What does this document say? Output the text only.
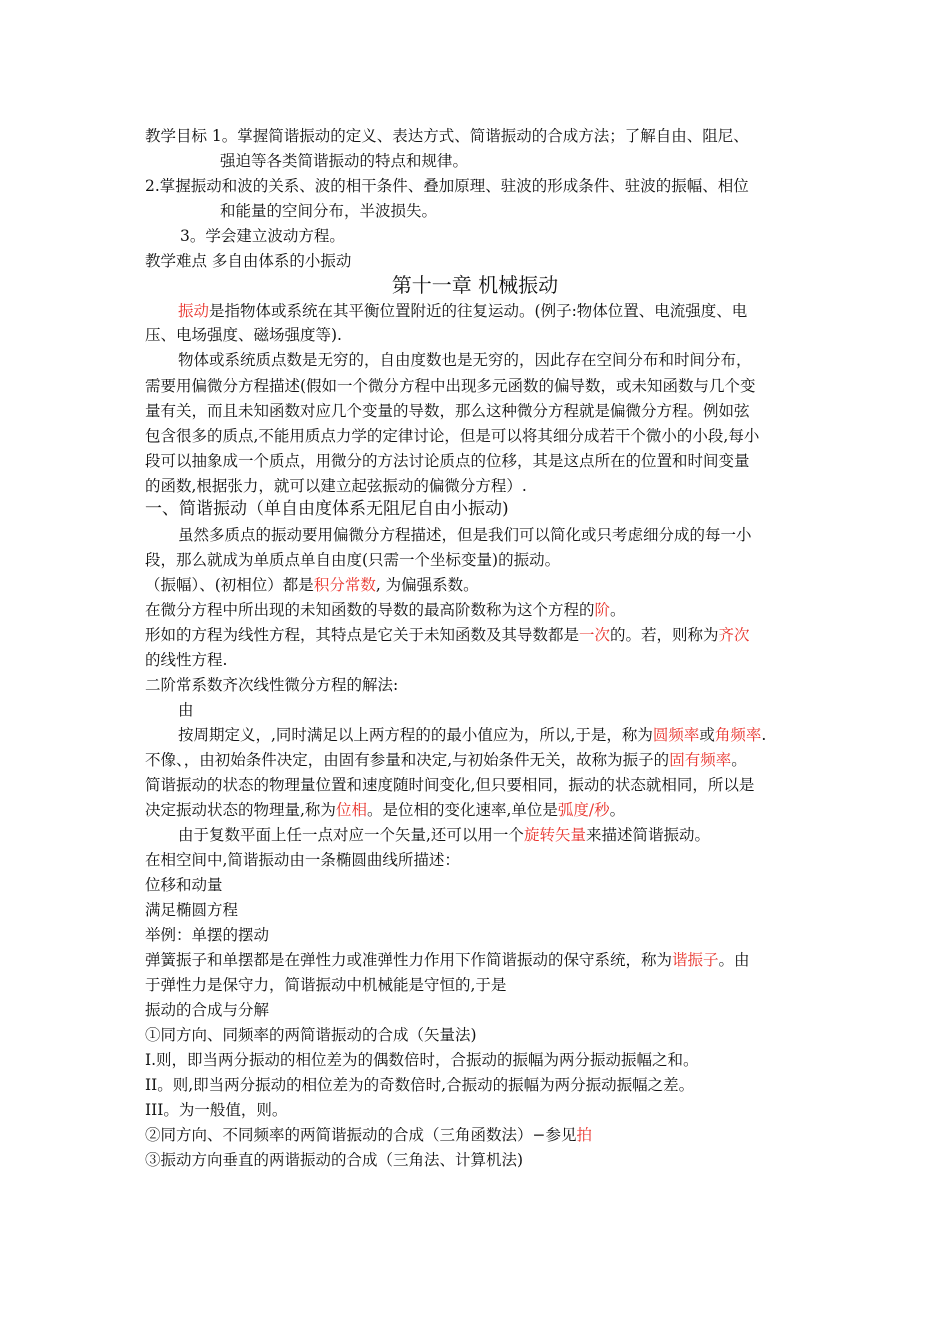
教学目标 1。掌握简谐振动的定义、表达方式、简谐振动的合成方法；了解自由、阻尼、
强迫等各类简谐振动的特点和规律。
2.掌握振动和波的关系、波的相干条件、叠加原理、驻波的形成条件、驻波的振幅、相位
和能量的空间分布，半波损失。
3。学会建立波动方程。
教学难点 多自由体系的小振动
第十一章 机械振动
振动是指物体或系统在其平衡位置附近的往复运动。(例子:物体位置、电流强度、电
压、电场强度、磁场强度等).
物体或系统质点数是无穷的，自由度数也是无穷的，因此存在空间分布和时间分布，
需要用偏微分方程描述(假如一个微分方程中出现多元函数的偏导数，或未知函数与几个变
量有关，而且未知函数对应几个变量的导数，那么这种微分方程就是偏微分方程。例如弦
包含很多的质点,不能用质点力学的定律讨论，但是可以将其细分成若干个微小的小段,每小
段可以抽象成一个质点，用微分的方法讨论质点的位移，其是这点所在的位置和时间变量
的函数,根据张力，就可以建立起弦振动的偏微分方程）.
一、简谐振动（单自由度体系无阻尼自由小振动)
虽然多质点的振动要用偏微分方程描述，但是我们可以简化或只考虑细分成的每一小
段，那么就成为单质点单自由度(只需一个坐标变量)的振动。
（振幅）、(初相位）都是积分常数, 为偏强系数。
在微分方程中所出现的未知函数的导数的最高阶数称为这个方程的阶。
形如的方程为线性方程，其特点是它关于未知函数及其导数都是一次的。若，则称为齐次
的线性方程.
二阶常系数齐次线性微分方程的解法:
由
按周期定义，,同时满足以上两方程的的最小值应为，所以,于是，称为圆频率或角频率.
不像、，由初始条件决定，由固有参量和决定,与初始条件无关，故称为振子的固有频率。
简谐振动的状态的物理量位置和速度随时间变化,但只要相同，振动的状态就相同，所以是
决定振动状态的物理量,称为位相。是位相的变化速率,单位是弧度/秒。
由于复数平面上任一点对应一个矢量,还可以用一个旋转矢量来描述简谐振动。
在相空间中,简谐振动由一条椭圆曲线所描述：
位移和动量
满足椭圆方程
举例：单摆的摆动
弹簧振子和单摆都是在弹性力或准弹性力作用下作简谐振动的保守系统，称为谐振子。由
于弹性力是保守力，简谐振动中机械能是守恒的,于是
振动的合成与分解
①同方向、同频率的两简谐振动的合成（矢量法)
I.则，即当两分振动的相位差为的偶数倍时，合振动的振幅为两分振动振幅之和。
II。则,即当两分振动的相位差为的奇数倍时,合振动的振幅为两分振动振幅之差。
III。为一般值，则。
②同方向、不同频率的两简谐振动的合成（三角函数法）−参见拍
③振动方向垂直的两谐振动的合成（三角法、计算机法)
